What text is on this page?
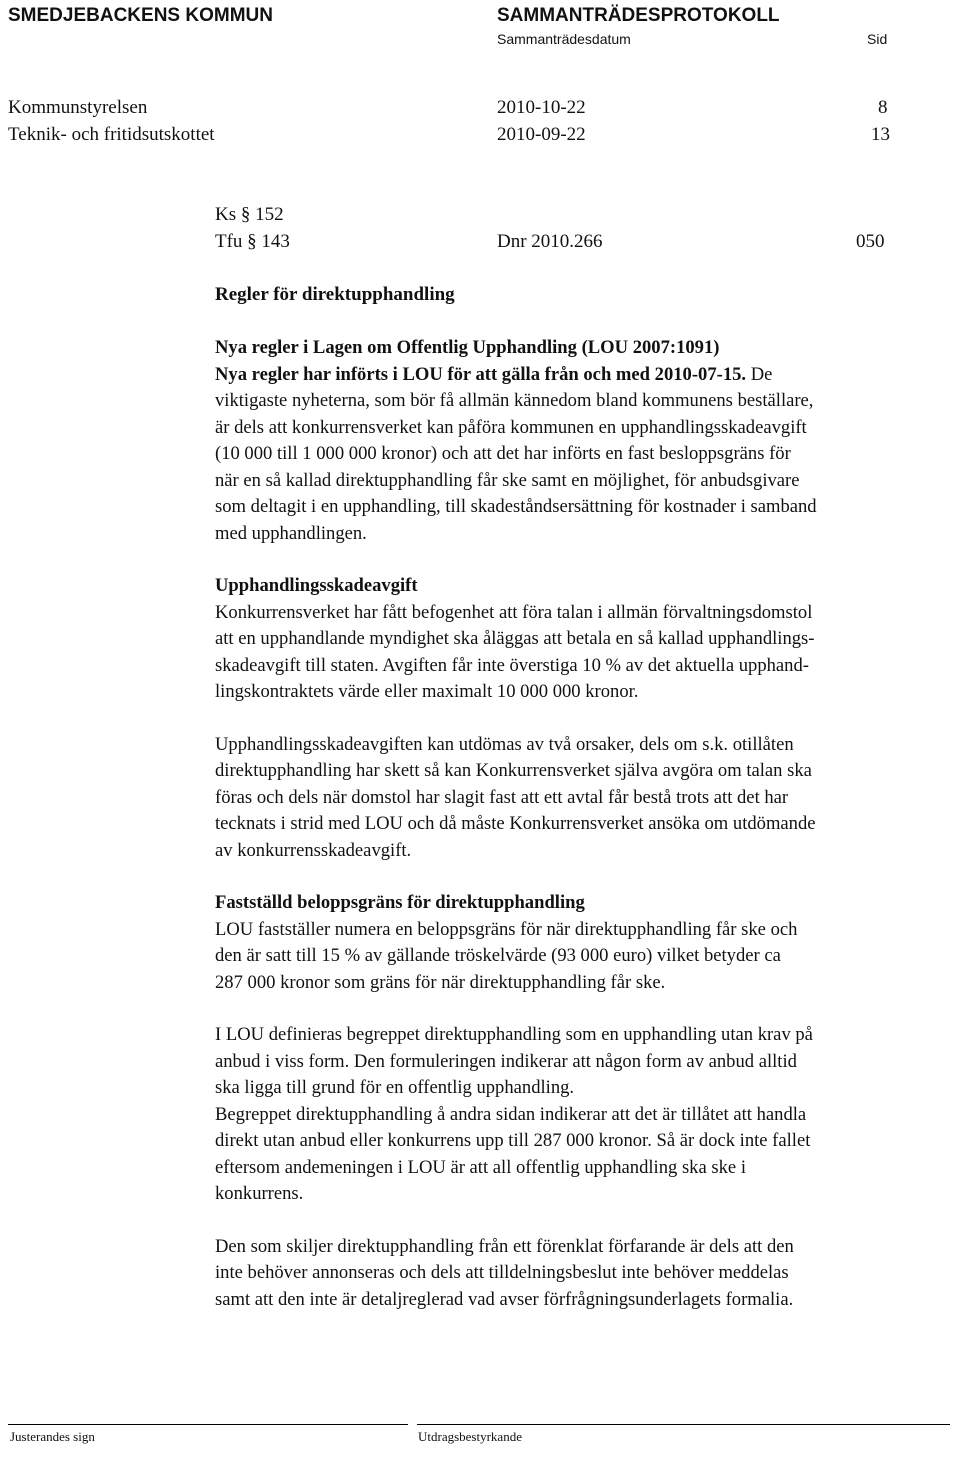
SMEDJEBACKENS KOMMUN	SAMMANTRÄDESPROTOKOLL
Sammanträdesdatum	Sid
Kommunstyrelsen	2010-10-22	8
Teknik- och fritidsutskottet	2010-09-22	13
Ks § 152
Tfu § 143	Dnr 2010.266	050
Regler för direktupphandling

Nya regler i Lagen om Offentlig Upphandling (LOU 2007:1091)
Nya regler har införts i LOU för att gälla från och med 2010-07-15. De
viktigaste nyheterna, som bör få allmän kännedom bland kommunens beställare,
är dels att konkurrensverket kan påföra kommunen en upphandlingsskadeavgift
(10 000 till 1 000 000 kronor) och att det har införts en fast besloppsgräns för
när en så kallad direktupphandling får ske samt en möjlighet, för anbudsgivare
som deltagit i en upphandling, till skadeståndsersättning för kostnader i samband
med upphandlingen.

Upphandlingsskadeavgift
Konkurrensverket har fått befogenhet att föra talan i allmän förvaltningsdomstol
att en upphandlande myndighet ska åläggas att betala en så kallad upphandlings-
skadeavgift till staten. Avgiften får inte överstiga 10 % av det aktuella upphand-
lingskontraktets värde eller maximalt 10 000 000 kronor.

Upphandlingsskadeavgiften kan utdömas av två orsaker, dels om s.k. otillåten
direktupphandling har skett så kan Konkurrensverket själva avgöra om talan ska
föras och dels när domstol har slagit fast att ett avtal får bestå trots att det har
tecknats i strid med LOU och då måste Konkurrensverket ansöka om utdömande
av konkurrensskadeavgift.

Fastställd beloppsgräns för direktupphandling
LOU fastställer numera en beloppsgräns för när direktupphandling får ske och
den är satt till 15 % av gällande tröskelvärde (93 000 euro) vilket betyder ca
287 000 kronor som gräns för när direktupphandling får ske.

I LOU definieras begreppet direktupphandling som en upphandling utan krav på
anbud i viss form. Den formuleringen indikerar att någon form av anbud alltid
ska ligga till grund för en offentlig upphandling.
Begreppet direktupphandling å andra sidan indikerar att det är tillåtet att handla
direkt utan anbud eller konkurrens upp till 287 000 kronor. Så är dock inte fallet
eftersom andemeningen i LOU är att all offentlig upphandling ska ske i
konkurrens.

Den som skiljer direktupphandling från ett förenklat förfarande är dels att den
inte behöver annonseras och dels att tilldelningsbeslut inte behöver meddelas
samt att den inte är detaljreglerad vad avser förfrågningsunderlagets formalia.

Justerandes sign	Utdragsbestyrkande
